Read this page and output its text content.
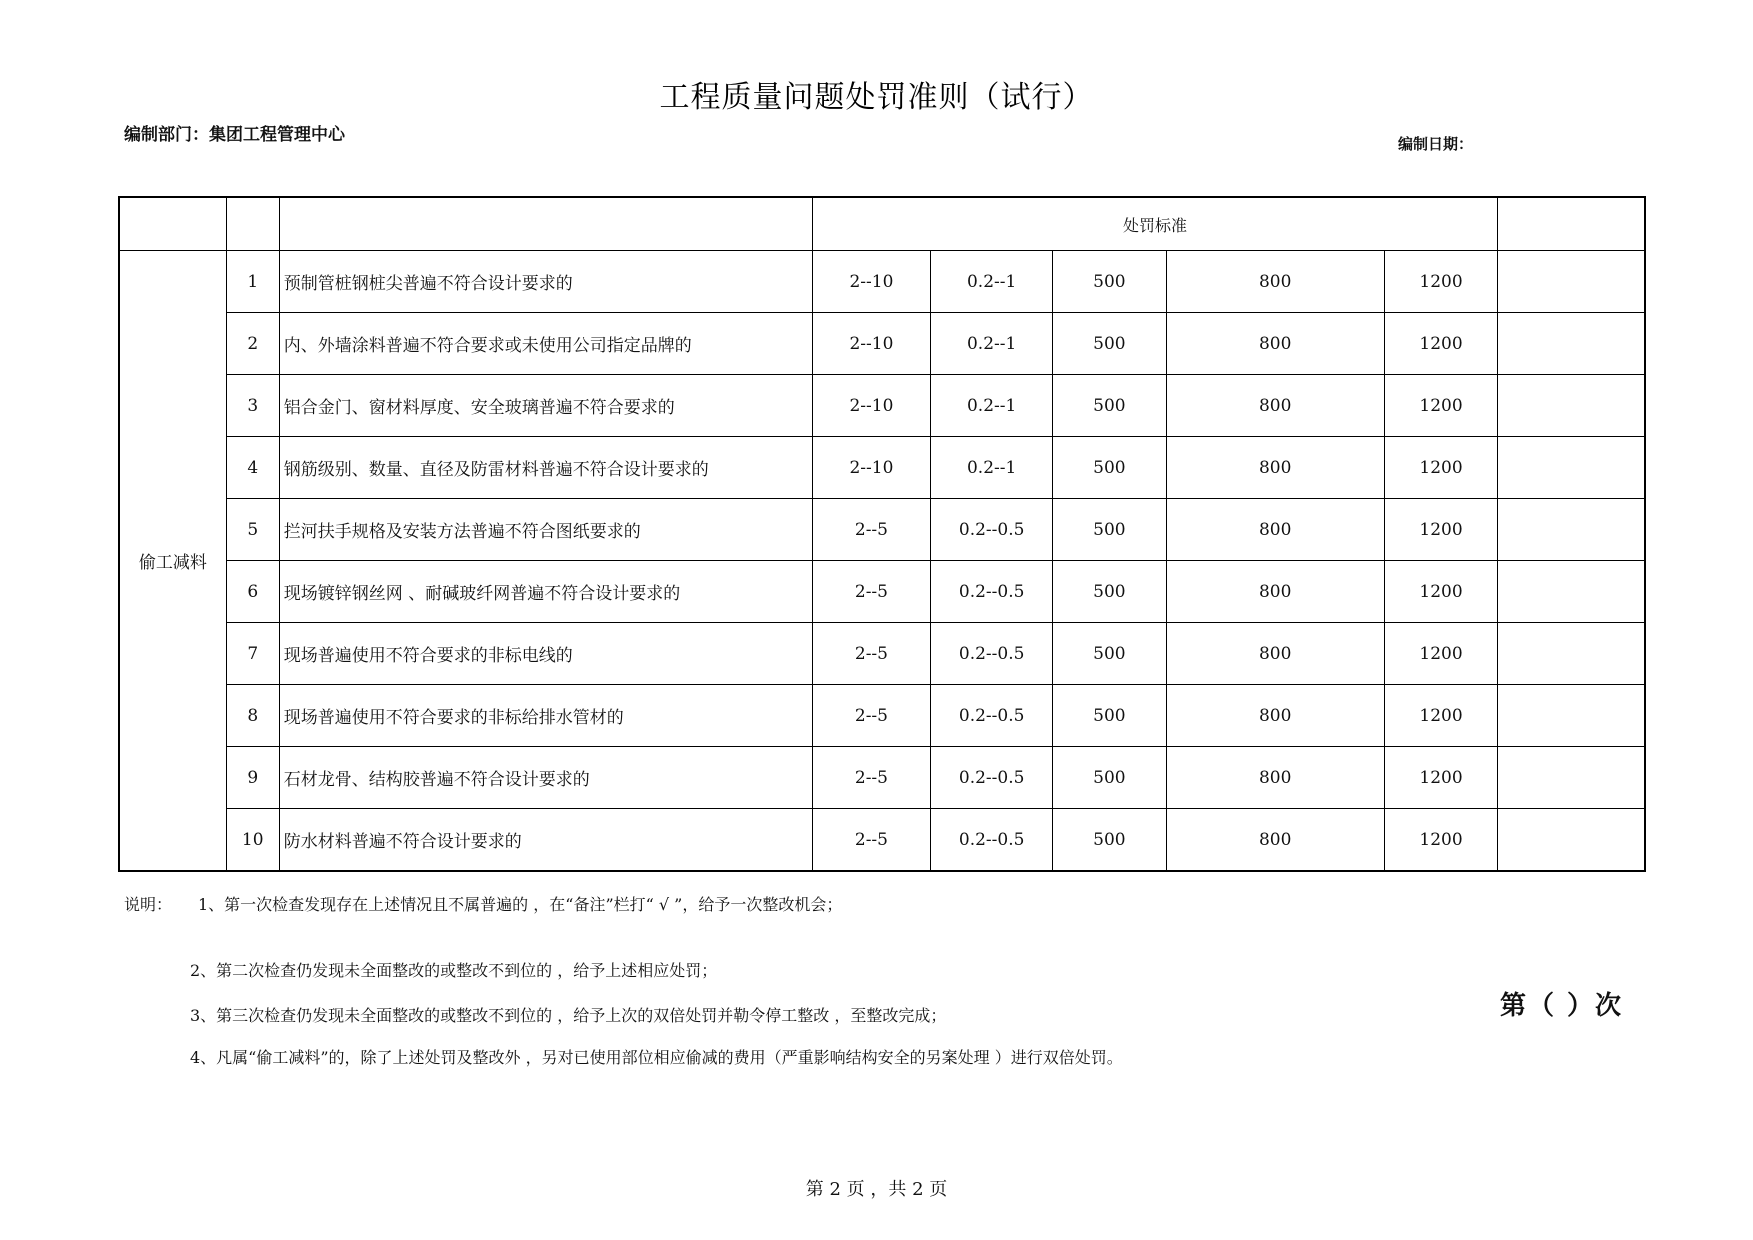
工程质量问题处罚准则（试行）
编制部门：集团工程管理中心	编制日期：
			处罚标准					
偷工减料	1	预制管桩钢桩尖普遍不符合设计要求的	2--10	0.2--1	500	800	1200	
	2	内、外墙涂料普遍不符合要求或未使用公司指定品牌的	2--10	0.2--1	500	800	1200	
	3	铝合金门、窗材料厚度、安全玻璃普遍不符合要求的	2--10	0.2--1	500	800	1200	
	4	钢筋级别、数量、直径及防雷材料普遍不符合设计要求的	2--10	0.2--1	500	800	1200	
	5	拦河扶手规格及安装方法普遍不符合图纸要求的	2--5	0.2--0.5	500	800	1200	
	6	现场镀锌钢丝网 、耐碱玻纤网普遍不符合设计要求的	2--5	0.2--0.5	500	800	1200	
	7	现场普遍使用不符合要求的非标电线的	2--5	0.2--0.5	500	800	1200	
	8	现场普遍使用不符合要求的非标给排水管材的	2--5	0.2--0.5	500	800	1200	
	9	石材龙骨、结构胶普遍不符合设计要求的	2--5	0.2--0.5	500	800	1200	
	10	防水材料普遍不符合设计要求的	2--5	0.2--0.5	500	800	1200	
说明： 1、第一次检查发现存在上述情况且不属普遍的 ，在“备注”栏打“ √ ”，给予一次整改机会；
2、第二次检查仍发现未全面整改的或整改不到位的 ，给予上述相应处罚；
3、第三次检查仍发现未全面整改的或整改不到位的 ，给予上次的双倍处罚并勒令停工整改 ，至整改完成；
4、凡属“偷工减料”的，除了上述处罚及整改外 ，另对已使用部位相应偷减的费用（严重影响结构安全的另案处理 ）进行双倍处罚。
第（ ）次
第 2 页 ，共 2 页
